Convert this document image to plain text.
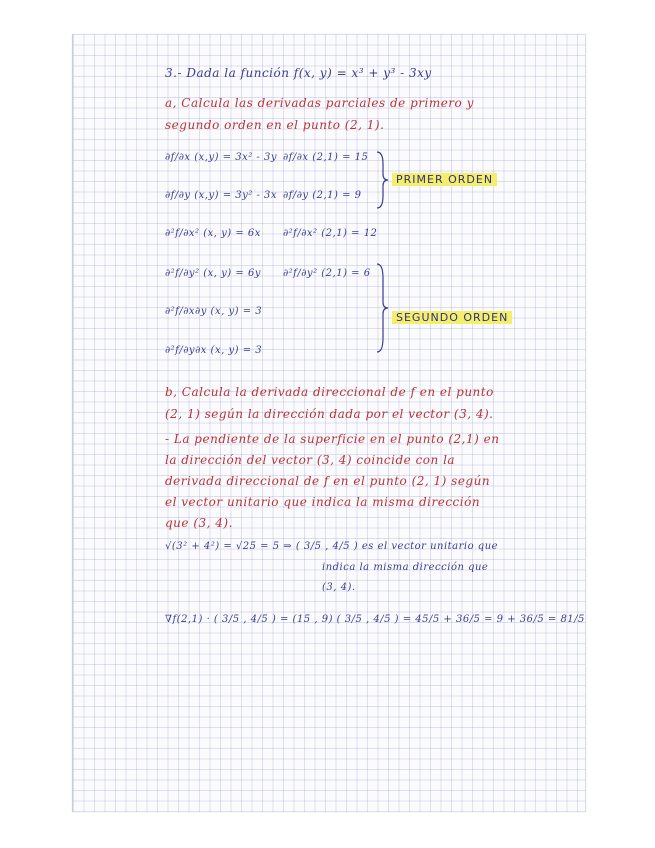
3.- Dada la función f(x, y) = x³ + y³ - 3xy
a, Calcula las derivadas parciales de primero y
segundo orden en el punto (2, 1).
∂f/∂x (x,y) = 3x² - 3y ∂f/∂x (2,1) = 15
∂f/∂y (x,y) = 3y² - 3x ∂f/∂y (2,1) = 9
PRIMER ORDEN
∂²f/∂x² (x, y) = 6x ∂²f/∂x² (2,1) = 12
∂²f/∂y² (x, y) = 6y ∂²f/∂y² (2,1) = 6
∂²f/∂x∂y (x, y) = 3
∂²f/∂y∂x (x, y) = 3
SEGUNDO ORDEN
b, Calcula la derivada direccional de f en el punto
(2, 1) según la dirección dada por el vector (3, 4).
- La pendiente de la superficie en el punto (2,1) en
la dirección del vector (3, 4) coincide con la
derivada direccional de f en el punto (2, 1) según
el vector unitario que indica la misma dirección
que (3, 4).
√(3² + 4²) = √25 = 5 ⇒ ( 3/5 , 4/5 ) es el vector unitario que
indica la misma dirección que
(3, 4).
∇f(2,1) · ( 3/5 , 4/5 ) = (15 , 9) ( 3/5 , 4/5 ) = 45/5 + 36/5 = 9 + 36/5 = 81/5
